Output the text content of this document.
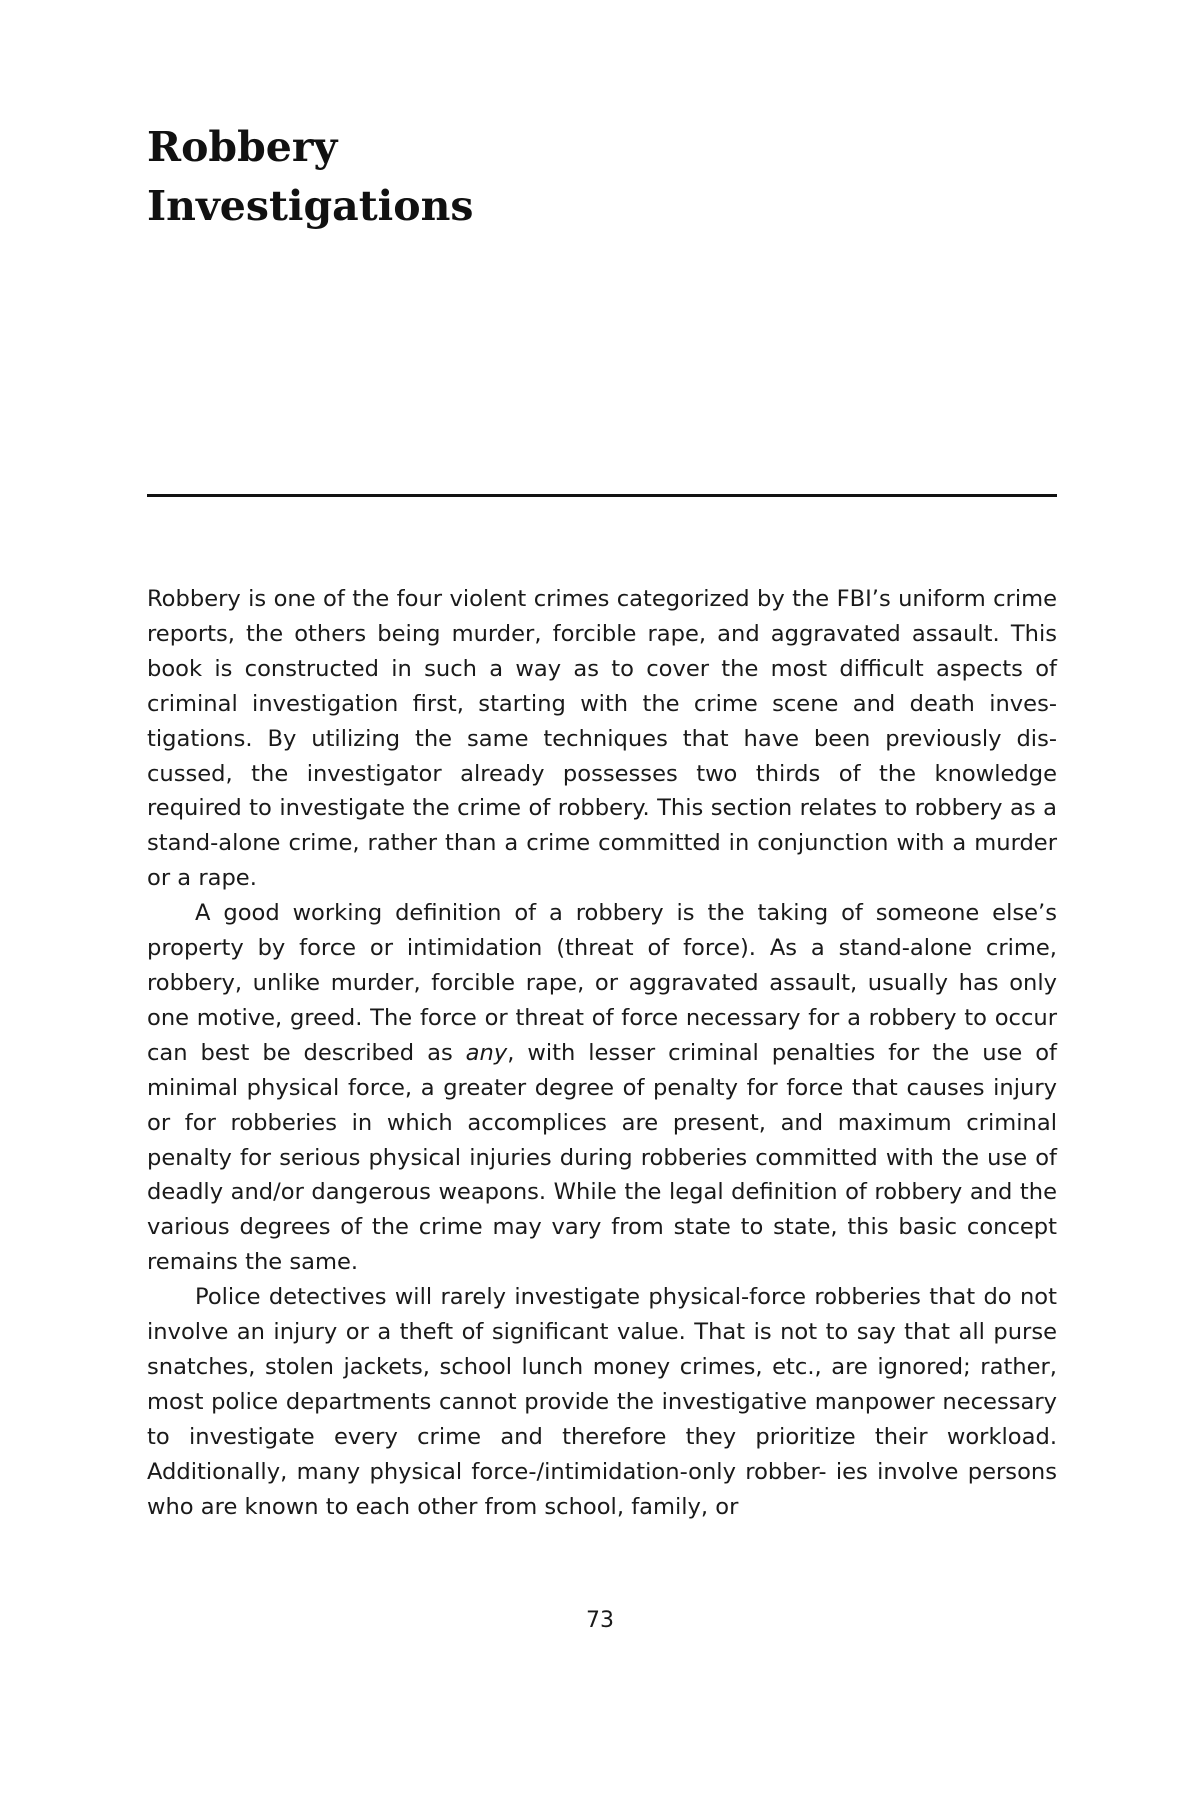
Robbery
Investigations

Robbery is one of the four violent crimes categorized by the FBI’s uniform crime reports, the others being murder, forcible rape, and aggravated assault. This book is constructed in such a way as to cover the most difficult aspects of criminal investigation first, starting with the crime scene and death inves- tigations. By utilizing the same techniques that have been previously dis- cussed, the investigator already possesses two thirds of the knowledge required to investigate the crime of robbery. This section relates to robbery as a stand-alone crime, rather than a crime committed in conjunction with a murder or a rape.

A good working definition of a robbery is the taking of someone else’s property by force or intimidation (threat of force). As a stand-alone crime, robbery, unlike murder, forcible rape, or aggravated assault, usually has only one motive, greed. The force or threat of force necessary for a robbery to occur can best be described as any, with lesser criminal penalties for the use of minimal physical force, a greater degree of penalty for force that causes injury or for robberies in which accomplices are present, and maximum criminal penalty for serious physical injuries during robberies committed with the use of deadly and/or dangerous weapons. While the legal definition of robbery and the various degrees of the crime may vary from state to state, this basic concept remains the same.

Police detectives will rarely investigate physical-force robberies that do not involve an injury or a theft of significant value. That is not to say that all purse snatches, stolen jackets, school lunch money crimes, etc., are ignored; rather, most police departments cannot provide the investigative manpower necessary to investigate every crime and therefore they prioritize their workload. Additionally, many physical force-/intimidation-only robber- ies involve persons who are known to each other from school, family, or

73
